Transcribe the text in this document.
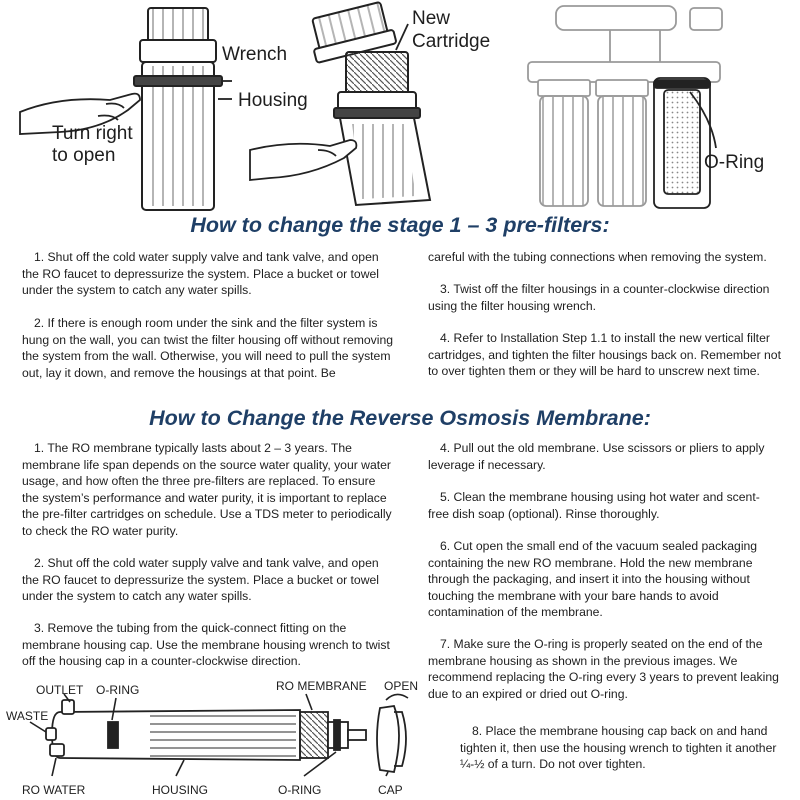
Wrench
Housing
Turn right
to open
New
Cartridge
O-Ring
How to change the stage 1 – 3 pre-filters:

1. Shut off the cold water supply valve and tank valve, and open the RO faucet to depressurize the system. Place a bucket or towel under the system to catch any water spills.

2. If there is enough room under the sink and the filter system is hung on the wall, you can twist the filter housing off without removing the system from the wall. Otherwise, you will need to pull the system out, lay it down, and remove the housings at that point. Be

careful with the tubing connections when removing the system.

3. Twist off the filter housings in a counter-clockwise direction using the filter housing wrench.

4. Refer to Installation Step 1.1 to install the new vertical filter cartridges, and tighten the filter housings back on. Remember not to over tighten them or they will be hard to unscrew next time.

How to Change the Reverse Osmosis Membrane:

1. The RO membrane typically lasts about 2 – 3 years. The membrane life span depends on the source water quality, your water usage, and how often the three pre-filters are replaced. To ensure the system’s performance and water purity, it is important to replace the pre-filter cartridges on schedule. Use a TDS meter to periodically to check the RO water purity.

2. Shut off the cold water supply valve and tank valve, and open the RO faucet to depressurize the system. Place a bucket or towel under the system to catch any water spills.

3. Remove the tubing from the quick-connect fitting on the membrane housing cap. Use the membrane housing wrench to twist off the housing cap in a counter-clockwise direction.

4. Pull out the old membrane. Use scissors or pliers to apply leverage if necessary.

5. Clean the membrane housing using hot water and scent- free dish soap (optional). Rinse thoroughly.

6. Cut open the small end of the vacuum sealed packaging containing the new RO membrane. Hold the new membrane through the packaging, and insert it into the housing without touching the membrane with your bare hands to avoid contamination of the membrane.

7. Make sure the O-ring is properly seated on the end of the membrane housing as shown in the previous images. We recommend replacing the O-ring every 3 years to prevent leaking due to an expired or dried out O-ring.

8. Place the membrane housing cap back on and hand tighten it, then use the housing wrench to tighten it another ¼-½ of a turn. Do not over tighten.

OUTLET O-RING	RO MEMBRANE OPEN
WASTE
RO WATER	HOUSING	O-RING	CAP
